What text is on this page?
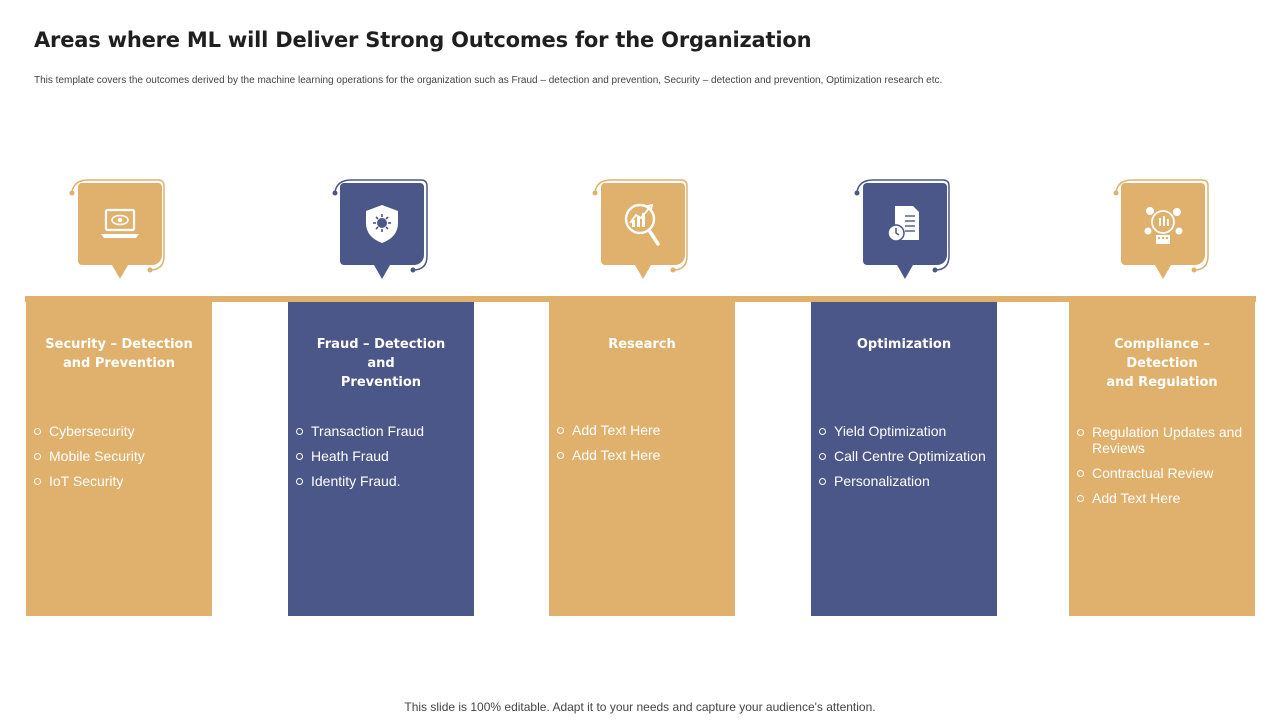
Areas where ML will Deliver Strong Outcomes for the Organization
This template covers the outcomes derived by the machine learning operations for the organization such as Fraud – detection and prevention, Security – detection and prevention, Optimization research etc.
Security – Detection
and Prevention
Cybersecurity
Mobile Security
IoT Security
Fraud – Detection and
Prevention
Transaction Fraud
Heath Fraud
Identity Fraud.
Research
Add Text Here
Add Text Here
Optimization
Yield Optimization
Call Centre Optimization
Personalization
Compliance –
Detection
and Regulation
Regulation Updates and Reviews
Contractual Review
Add Text Here
This slide is 100% editable. Adapt it to your needs and capture your audience's attention.
